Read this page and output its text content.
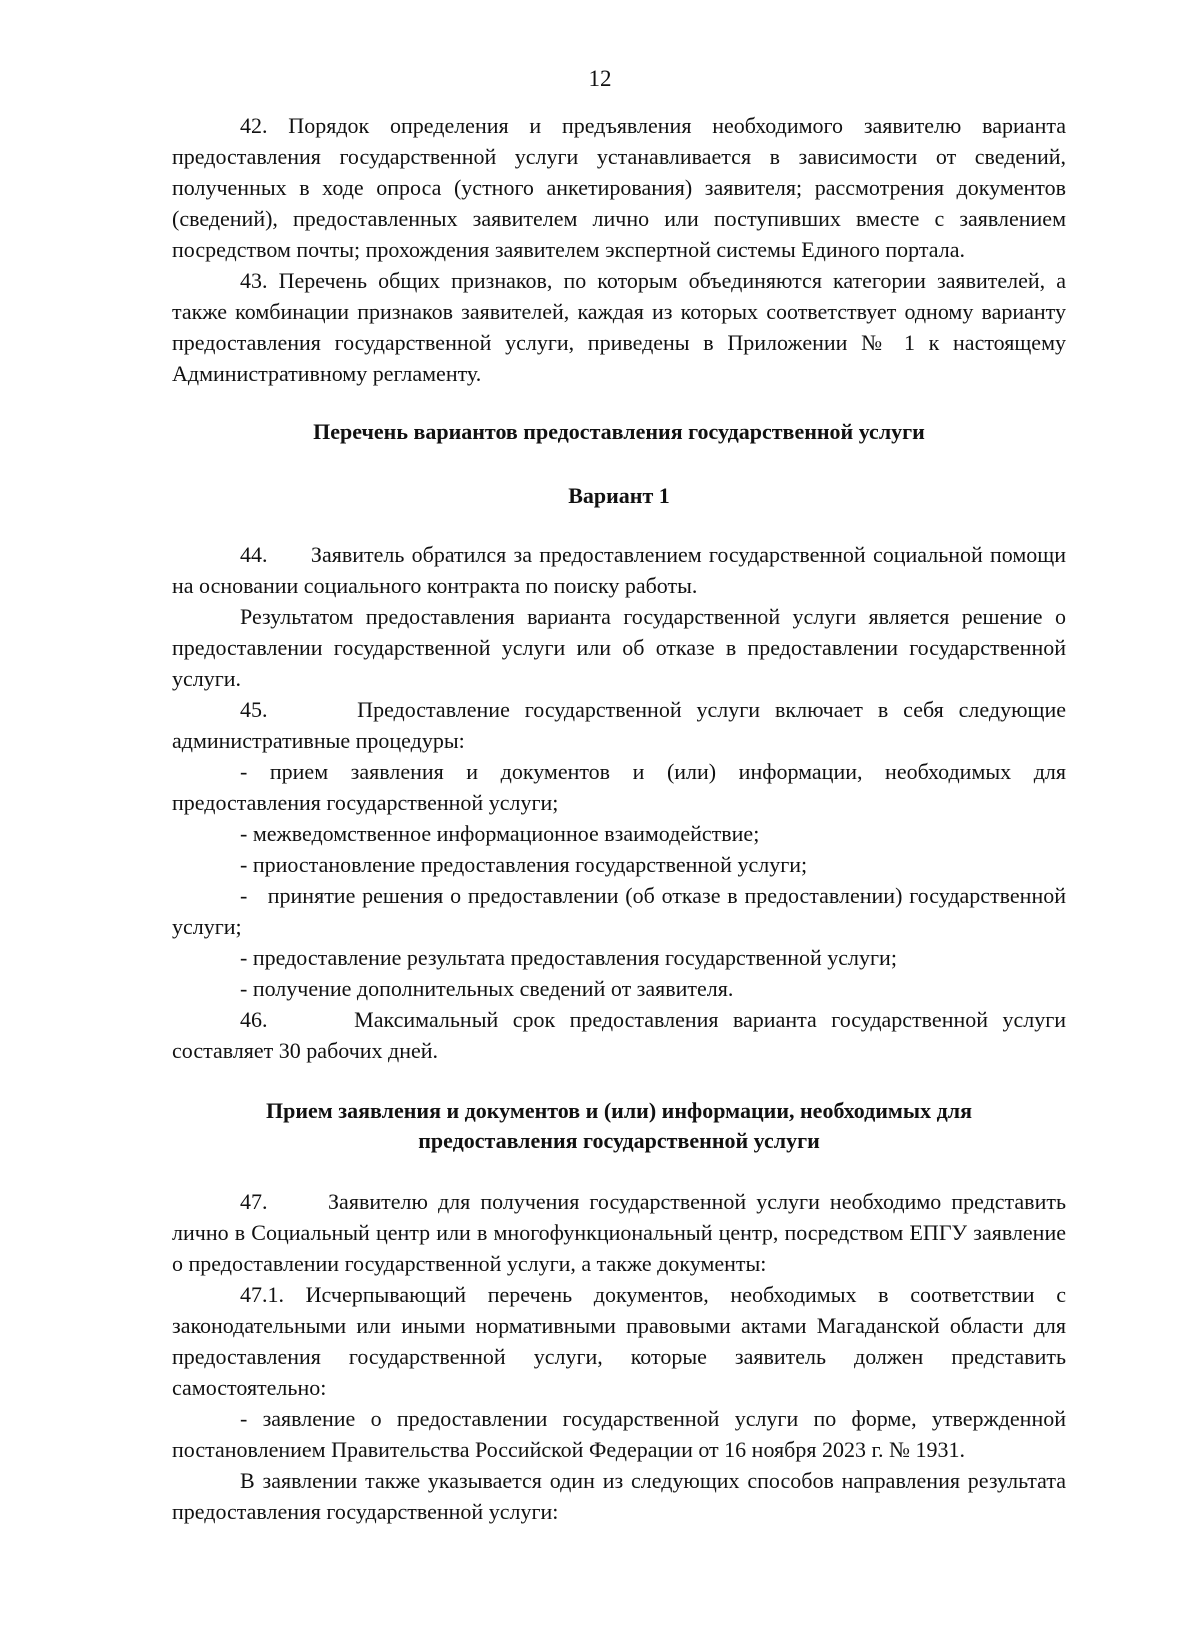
12

42. Порядок определения и предъявления необходимого заявителю варианта предоставления государственной услуги устанавливается в зависимости от сведений, полученных в ходе опроса (устного анкетирования) заявителя; рассмотрения документов (сведений), предоставленных заявителем лично или поступивших вместе с заявлением посредством почты; прохождения заявителем экспертной системы Единого портала.

43. Перечень общих признаков, по которым объединяются категории заявителей, а также комбинации признаков заявителей, каждая из которых соответствует одному варианту предоставления государственной услуги, приведены в Приложении № 1 к настоящему Административному регламенту.

Перечень вариантов предоставления государственной услуги
Вариант 1

44.      Заявитель обратился за предоставлением государственной социальной помощи на основании социального контракта по поиску работы.

Результатом предоставления варианта государственной услуги является решение о предоставлении государственной услуги или об отказе в предоставлении государственной услуги.

45.      Предоставление государственной услуги включает в себя следующие административные процедуры:

- прием заявления и документов и (или) информации, необходимых для предоставления государственной услуги;

- межведомственное информационное взаимодействие;

- приостановление предоставления государственной услуги;

-   принятие решения о предоставлении (об отказе в предоставлении) государственной услуги;

- предоставление результата предоставления государственной услуги;

- получение дополнительных сведений от заявителя.

46.      Максимальный срок предоставления варианта государственной услуги составляет 30 рабочих дней.

Прием заявления и документов и (или) информации, необходимых для предоставления государственной услуги

47.      Заявителю для получения государственной услуги необходимо представить лично в Социальный центр или в многофункциональный центр, посредством ЕПГУ заявление о предоставлении государственной услуги, а также документы:

47.1. Исчерпывающий перечень документов, необходимых в соответствии с законодательными или иными нормативными правовыми актами Магаданской области для предоставления государственной услуги, которые заявитель должен представить самостоятельно:

- заявление о предоставлении государственной услуги по форме, утвержденной постановлением Правительства Российской Федерации от 16 ноября 2023 г. № 1931.

В заявлении также указывается один из следующих способов направления результата предоставления государственной услуги:
